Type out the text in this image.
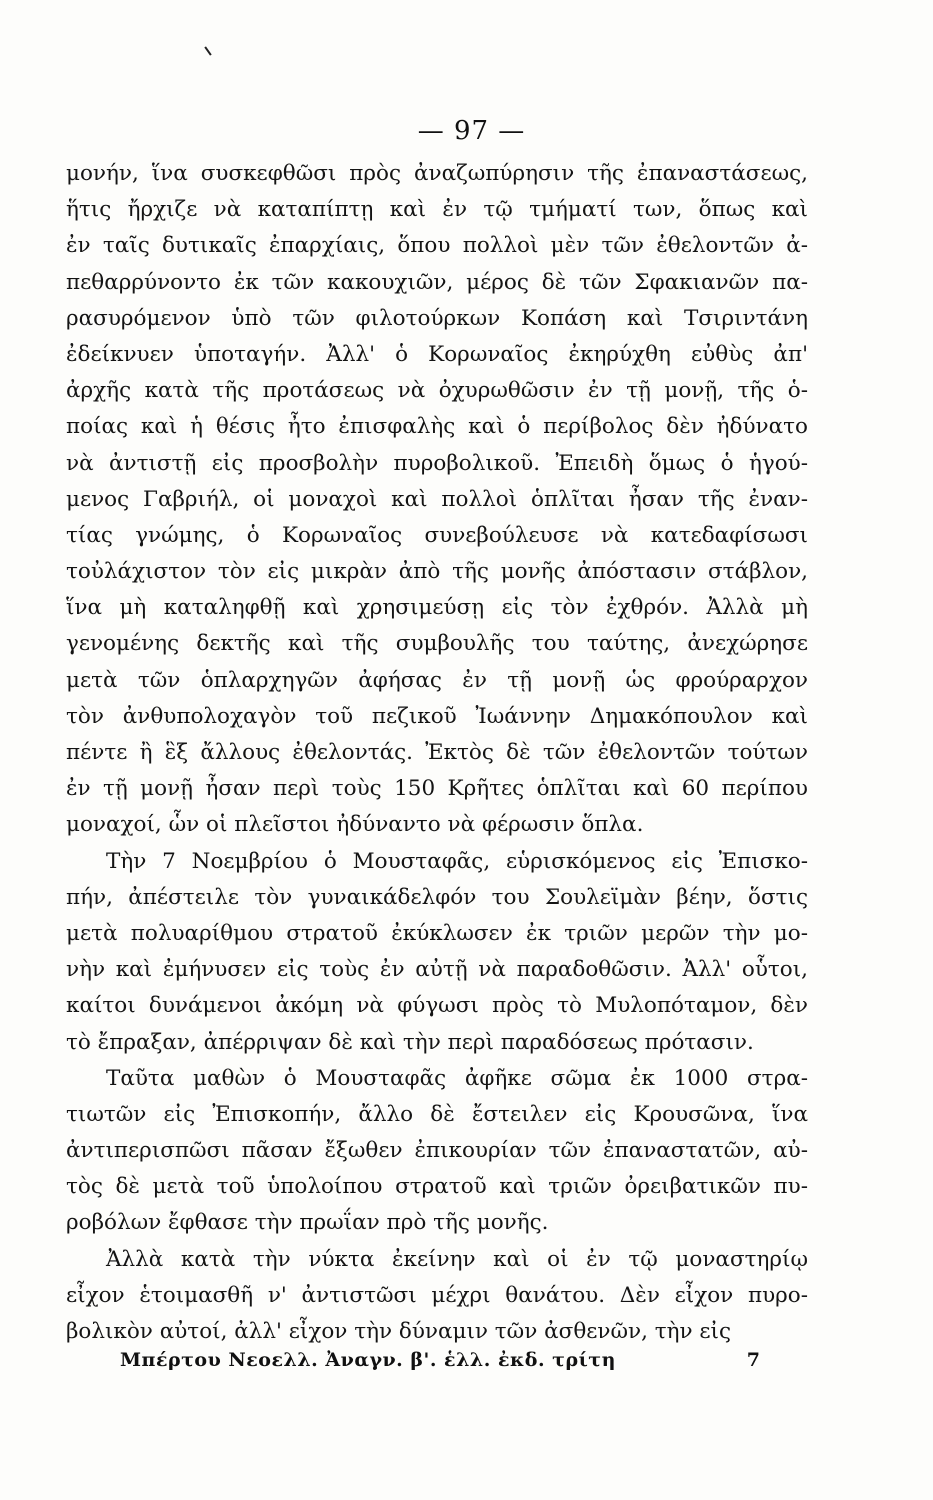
— 97 —
μονήν, ἵνα συσκεφθῶσι πρὸς ἀναζωπύρησιν τῆς ἐπαναστάσεως,
ἥτις ἤρχιζε νὰ καταπίπτῃ καὶ ἐν τῷ τμήματί των, ὅπως καὶ
ἐν ταῖς δυτικαῖς ἐπαρχίαις, ὅπου πολλοὶ μὲν τῶν ἐθελοντῶν ἀ-
πεθαρρύνοντο ἐκ τῶν κακουχιῶν, μέρος δὲ τῶν Σφακιανῶν πα-
ρασυρόμενον ὑπὸ τῶν φιλοτούρκων Κοπάση καὶ Τσιριντάνη
ἐδείκνυεν ὑποταγήν. Ἀλλ' ὁ Κορωναῖος ἐκηρύχθη εὐθὺς ἀπ'
ἀρχῆς κατὰ τῆς προτάσεως νὰ ὀχυρωθῶσιν ἐν τῇ μονῇ, τῆς ὁ-
ποίας καὶ ἡ θέσις ἦτο ἐπισφαλὴς καὶ ὁ περίβολος δὲν ἠδύνατο
νὰ ἀντιστῇ εἰς προσβολὴν πυροβολικοῦ. Ἐπειδὴ ὅμως ὁ ἡγού-
μενος Γαβριήλ, οἱ μοναχοὶ καὶ πολλοὶ ὁπλῖται ἦσαν τῆς ἐναν-
τίας γνώμης, ὁ Κορωναῖος συνεβούλευσε νὰ κατεδαφίσωσι
τοὐλάχιστον τὸν εἰς μικρὰν ἀπὸ τῆς μονῆς ἀπόστασιν στάβλον,
ἵνα μὴ καταληφθῇ καὶ χρησιμεύσῃ εἰς τὸν ἐχθρόν. Ἀλλὰ μὴ
γενομένης δεκτῆς καὶ τῆς συμβουλῆς του ταύτης, ἀνεχώρησε
μετὰ τῶν ὁπλαρχηγῶν ἀφήσας ἐν τῇ μονῇ ὡς φρούραρχον
τὸν ἀνθυπολοχαγὸν τοῦ πεζικοῦ Ἰωάννην Δημακόπουλον καὶ
πέντε ἢ ἓξ ἄλλους ἐθελοντάς. Ἐκτὸς δὲ τῶν ἐθελοντῶν τούτων
ἐν τῇ μονῇ ἦσαν περὶ τοὺς 150 Κρῆτες ὁπλῖται καὶ 60 περίπου
μοναχοί, ὧν οἱ πλεῖστοι ἠδύναντο νὰ φέρωσιν ὅπλα.
Τὴν 7 Νοεμβρίου ὁ Μουσταφᾶς, εὑρισκόμενος εἰς Ἐπισκο-
πήν, ἀπέστειλε τὸν γυναικάδελφόν του Σουλεϊμὰν βέην, ὅστις
μετὰ πολυαρίθμου στρατοῦ ἐκύκλωσεν ἐκ τριῶν μερῶν τὴν μο-
νὴν καὶ ἐμήνυσεν εἰς τοὺς ἐν αὐτῇ νὰ παραδοθῶσιν. Ἀλλ' οὗτοι,
καίτοι δυνάμενοι ἀκόμη νὰ φύγωσι πρὸς τὸ Μυλοπόταμον, δὲν
τὸ ἔπραξαν, ἀπέρριψαν δὲ καὶ τὴν περὶ παραδόσεως πρότασιν.
Ταῦτα μαθὼν ὁ Μουσταφᾶς ἀφῆκε σῶμα ἐκ 1000 στρα-
τιωτῶν εἰς Ἐπισκοπήν, ἄλλο δὲ ἔστειλεν εἰς Κρουσῶνα, ἵνα
ἀντιπερισπῶσι πᾶσαν ἔξωθεν ἐπικουρίαν τῶν ἐπαναστατῶν, αὐ-
τὸς δὲ μετὰ τοῦ ὑπολοίπου στρατοῦ καὶ τριῶν ὀρειβατικῶν πυ-
ροβόλων ἔφθασε τὴν πρωΐαν πρὸ τῆς μονῆς.
Ἀλλὰ κατὰ τὴν νύκτα ἐκείνην καὶ οἱ ἐν τῷ μοναστηρίῳ
εἶχον ἑτοιμασθῆ ν' ἀντιστῶσι μέχρι θανάτου. Δὲν εἶχον πυρο-
βολικὸν αὐτοί, ἀλλ' εἶχον τὴν δύναμιν τῶν ἀσθενῶν, τὴν εἰς
Μπέρτου Νεοελλ. Ἀναγν. β'. ἑλλ. ἐκδ. τρίτη	7
